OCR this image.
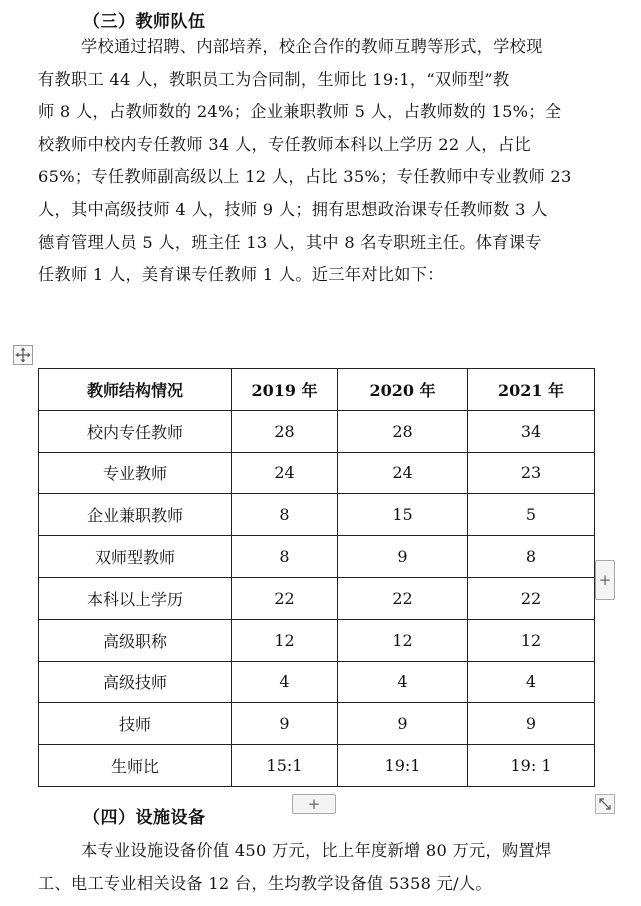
（三）教师队伍
学校通过招聘、内部培养，校企合作的教师互聘等形式，学校现
有教职工 44 人，教职员工为合同制，生师比 19:1，“双师型”教
师 8 人，占教师数的 24%；企业兼职教师 5 人，占教师数的 15%；全
校教师中校内专任教师 34 人，专任教师本科以上学历 22 人，占比
65%；专任教师副高级以上 12 人，占比 35%；专任教师中专业教师 23
人，其中高级技师 4 人，技师 9 人；拥有思想政治课专任教师数 3 人
德育管理人员 5 人，班主任 13 人，其中 8 名专职班主任。体育课专
任教师 1 人，美育课专任教师 1 人。近三年对比如下：
教师结构情况	2019 年	2020 年	2021 年
校内专任教师	28	28	34
专业教师	24	24	23
企业兼职教师	8	15	5
双师型教师	8	9	8
本科以上学历	22	22	22
高级职称	12	12	12
高级技师	4	4	4
技师	9	9	9
生师比	15:1	19:1	19: 1
+
+
（四）设施设备
本专业设施设备价值 450 万元，比上年度新增 80 万元，购置焊
工、电工专业相关设备 12 台，生均教学设备值 5358 元/人。
